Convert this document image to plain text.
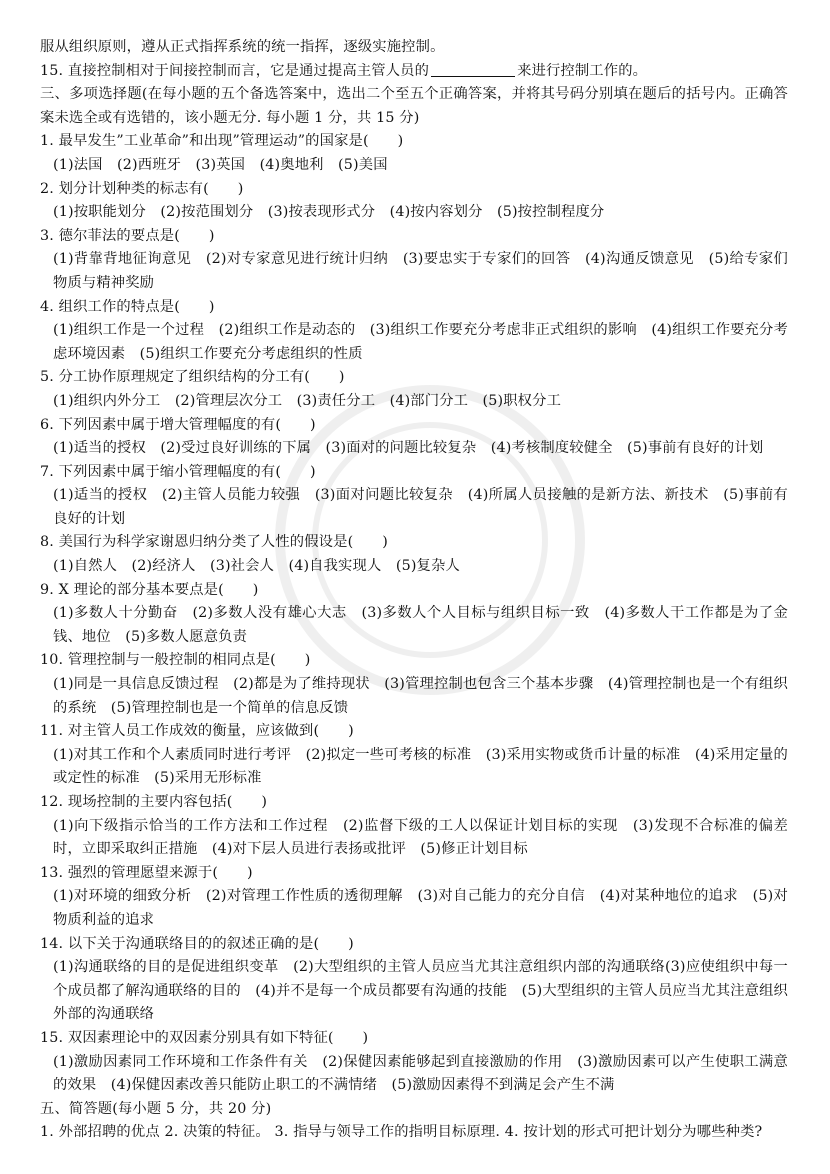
服从组织原则，遵从正式指挥系统的统一指挥，逐级实施控制。
15. 直接控制相对于间接控制而言，它是通过提高主管人员的	来进行控制工作的。
三、多项选择题(在每小题的五个备选答案中，选出二个至五个正确答案，并将其号码分别填在题后的括号内。正确答案未选全或有选错的，该小题无分. 每小题 1 分，共 15 分)
1. 最早发生”工业革命”和出现”管理运动”的国家是(　　)
(1)法国　(2)西班牙　(3)英国　(4)奥地利　(5)美国
2. 划分计划种类的标志有(　　)
(1)按职能划分　(2)按范围划分　(3)按表现形式分　(4)按内容划分　(5)按控制程度分
3. 德尔菲法的要点是(　　)
(1)背靠背地征询意见　(2)对专家意见进行统计归纳　(3)要忠实于专家们的回答　(4)沟通反馈意见　(5)给专家们物质与精神奖励
4. 组织工作的特点是(　　)
(1)组织工作是一个过程　(2)组织工作是动态的　(3)组织工作要充分考虑非正式组织的影响　(4)组织工作要充分考虑环境因素　(5)组织工作要充分考虑组织的性质
5. 分工协作原理规定了组织结构的分工有(　　)
(1)组织内外分工　(2)管理层次分工　(3)责任分工　(4)部门分工　(5)职权分工
6. 下列因素中属于增大管理幅度的有(　　)
(1)适当的授权　(2)受过良好训练的下属　(3)面对的问题比较复杂　(4)考核制度较健全　(5)事前有良好的计划
7. 下列因素中属于缩小管理幅度的有(　　)
(1)适当的授权　(2)主管人员能力较强　(3)面对问题比较复杂　(4)所属人员接触的是新方法、新技术　(5)事前有良好的计划
8. 美国行为科学家谢恩归纳分类了人性的假设是(　　)
(1)自然人　(2)经济人　(3)社会人　(4)自我实现人　(5)复杂人
9. X 理论的部分基本要点是(　　)
(1)多数人十分勤奋　(2)多数人没有雄心大志　(3)多数人个人目标与组织目标一致　(4)多数人干工作都是为了金钱、地位　(5)多数人愿意负责
10. 管理控制与一般控制的相同点是(　　)
(1)同是一具信息反馈过程　(2)都是为了维持现状　(3)管理控制也包含三个基本步骤　(4)管理控制也是一个有组织的系统　(5)管理控制也是一个简单的信息反馈
11. 对主管人员工作成效的衡量，应该做到(　　)
(1)对其工作和个人素质同时进行考评　(2)拟定一些可考核的标准　(3)采用实物或货币计量的标准　(4)采用定量的或定性的标准　(5)采用无形标准
12. 现场控制的主要内容包括(　　)
(1)向下级指示恰当的工作方法和工作过程　(2)监督下级的工人以保证计划目标的实现　(3)发现不合标准的偏差时，立即采取纠正措施　(4)对下层人员进行表扬或批评　(5)修正计划目标
13. 强烈的管理愿望来源于(　　)
(1)对环境的细致分析　(2)对管理工作性质的透彻理解　(3)对自己能力的充分自信　(4)对某种地位的追求　(5)对物质利益的追求
14. 以下关于沟通联络目的的叙述正确的是(　　)
(1)沟通联络的目的是促进组织变革　(2)大型组织的主管人员应当尤其注意组织内部的沟通联络(3)应使组织中每一个成员都了解沟通联络的目的　(4)并不是每一个成员都要有沟通的技能　(5)大型组织的主管人员应当尤其注意组织外部的沟通联络
15. 双因素理论中的双因素分别具有如下特征(　　)
(1)激励因素同工作环境和工作条件有关　(2)保健因素能够起到直接激励的作用　(3)激励因素可以产生使职工满意的效果　(4)保健因素改善只能防止职工的不满情绪　(5)激励因素得不到满足会产生不满
五、简答题(每小题 5 分，共 20 分)
1. 外部招聘的优点 2. 决策的特征。 3. 指导与领导工作的指明目标原理. 4. 按计划的形式可把计划分为哪些种类?
